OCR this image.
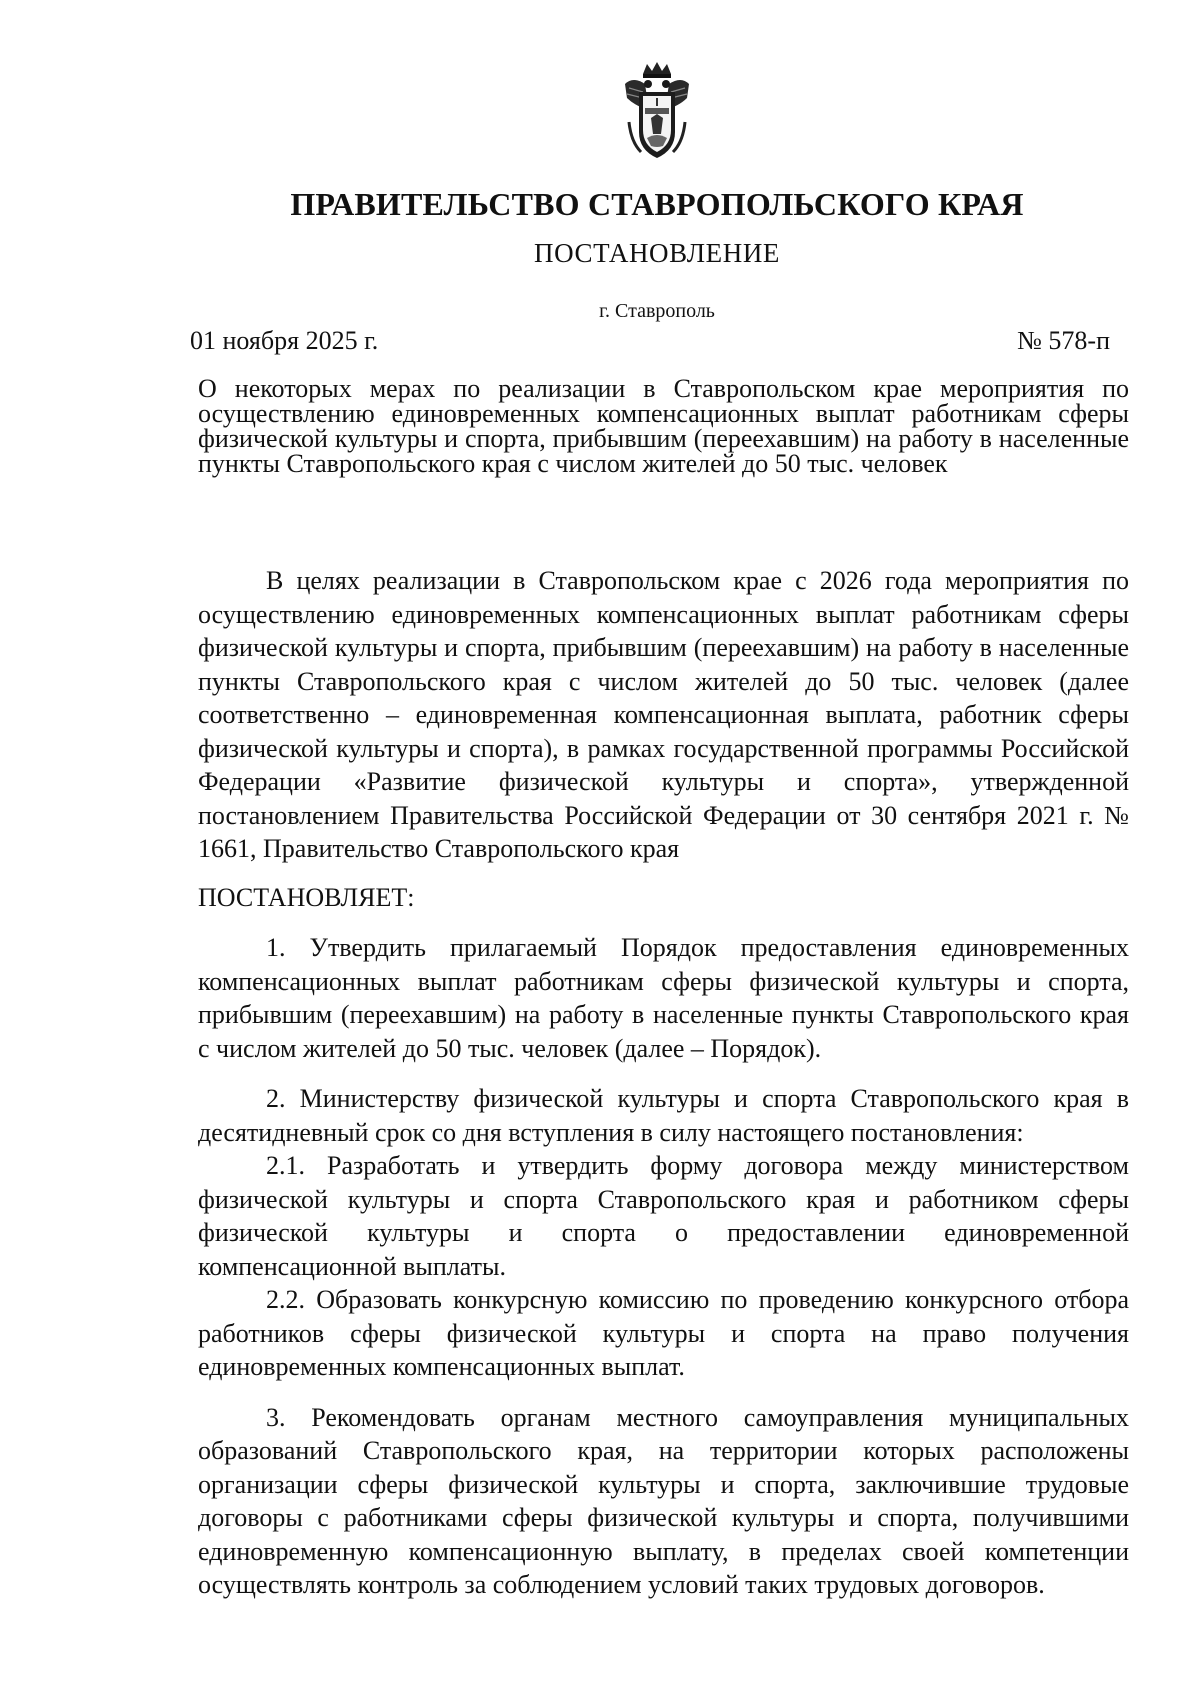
ПРАВИТЕЛЬСТВО СТАВРОПОЛЬСКОГО КРАЯ

ПОСТАНОВЛЕНИЕ

г. Ставрополь

01 ноября 2025 г.	№ 578-п

О некоторых мерах по реализации в Ставропольском крае мероприятия по осуществлению единовременных компенсационных выплат работникам сферы физической культуры и спорта, прибывшим (переехавшим) на работу в населенные пункты Ставропольского края с числом жителей до 50 тыс. человек

В целях реализации в Ставропольском крае с 2026 года мероприятия по осуществлению единовременных компенсационных выплат работникам сферы физической культуры и спорта, прибывшим (переехавшим) на работу в населенные пункты Ставропольского края с числом жителей до 50 тыс. человек (далее соответственно – единовременная компенсационная выплата, работник сферы физической культуры и спорта), в рамках государственной программы Российской Федерации «Развитие физической культуры и спорта», утвержденной постановлением Правительства Российской Федерации от 30 сентября 2021 г. № 1661, Правительство Ставропольского края

ПОСТАНОВЛЯЕТ:

1. Утвердить прилагаемый Порядок предоставления единовременных компенсационных выплат работникам сферы физической культуры и спорта, прибывшим (переехавшим) на работу в населенные пункты Ставропольского края с числом жителей до 50 тыс. человек (далее – Порядок).

2. Министерству физической культуры и спорта Ставропольского края в десятидневный срок со дня вступления в силу настоящего постановления:

2.1. Разработать и утвердить форму договора между министерством физической культуры и спорта Ставропольского края и работником сферы физической культуры и спорта о предоставлении единовременной компенсационной выплаты.

2.2. Образовать конкурсную комиссию по проведению конкурсного отбора работников сферы физической культуры и спорта на право получения единовременных компенсационных выплат.

3. Рекомендовать органам местного самоуправления муниципальных образований Ставропольского края, на территории которых расположены организации сферы физической культуры и спорта, заключившие трудовые договоры с работниками сферы физической культуры и спорта, получившими единовременную компенсационную выплату, в пределах своей компетенции осуществлять контроль за соблюдением условий таких трудовых договоров.
